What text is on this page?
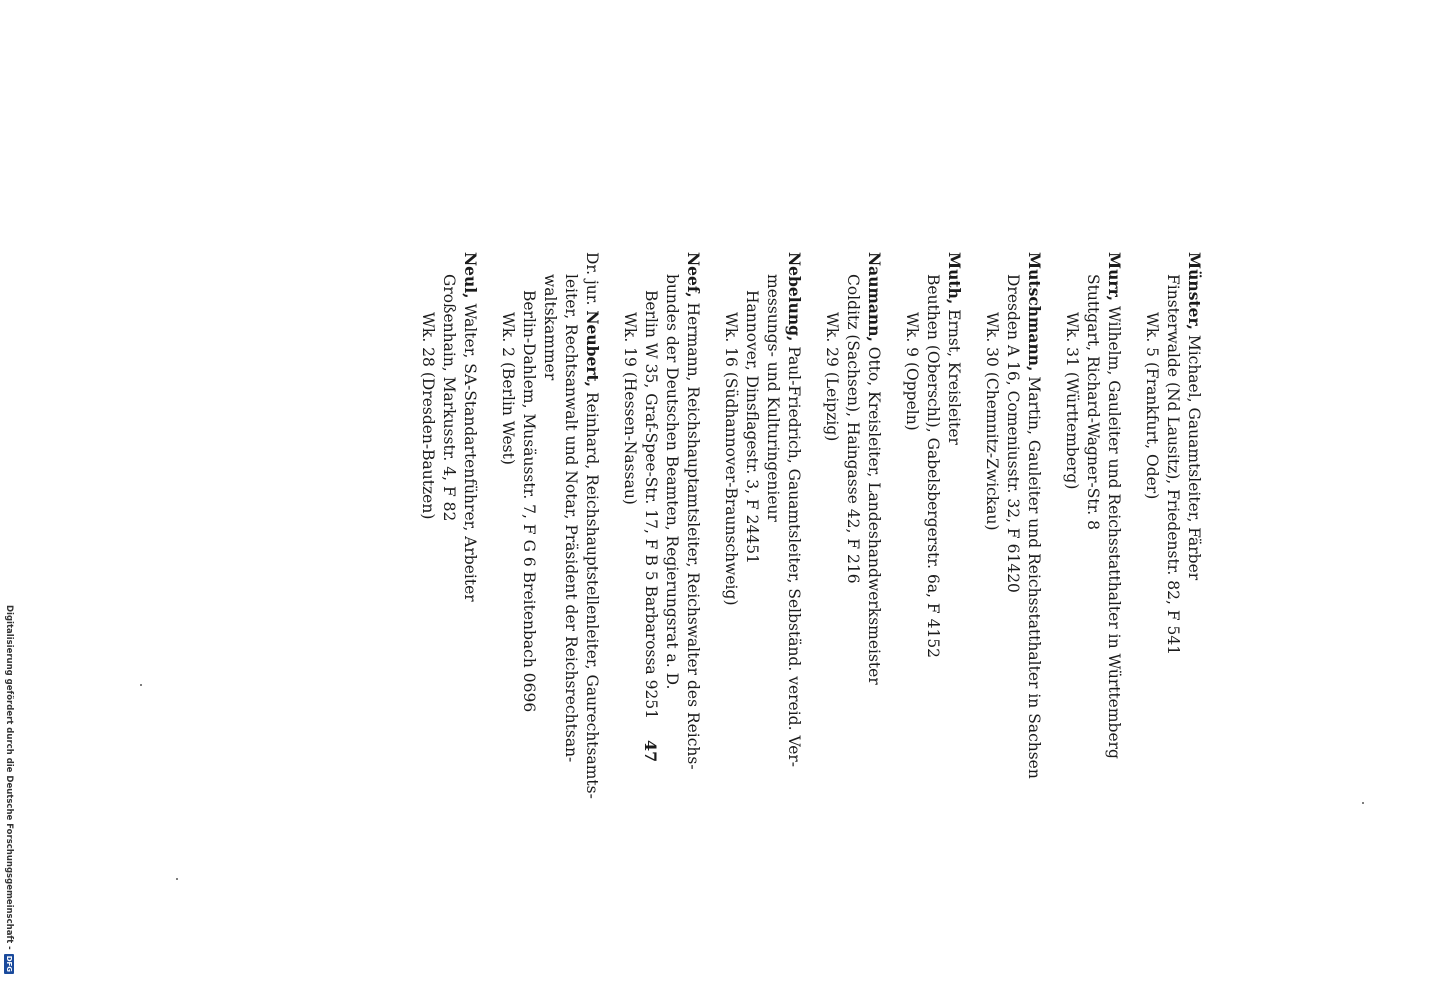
Münster, Michael, Gauamtsleiter, Färber
Finsterwalde (Nd Lausitz), Friedenstr. 82, F 541
Wk. 5 (Frankfurt, Oder)
Murr, Wilhelm, Gauleiter und Reichsstatthalter in Württemberg
Stuttgart, Richard-Wagner-Str. 8
Wk. 31 (Württemberg)
Mutschmann, Martin, Gauleiter und Reichsstatthalter in Sachsen
Dresden A 16, Comeniusstr. 32, F 61420
Wk. 30 (Chemnitz-Zwickau)
Muth, Ernst, Kreisleiter
Beuthen (Oberschl), Gabelsbergerstr. 6a, F 4152
Wk. 9 (Oppeln)
Naumann, Otto, Kreisleiter, Landeshandwerksmeister
Colditz (Sachsen), Haingasse 42, F 216
Wk. 29 (Leipzig)
Nebelung, Paul-Friedrich, Gauamtsleiter, Selbständ. vereid. Ver-
messungs- und Kulturingenieur
Hannover, Dinsflagestr. 3, F 24451
Wk. 16 (Südhannover-Braunschweig)
Neef, Hermann, Reichshauptamtsleiter, Reichswalter des Reichs-
bundes der Deutschen Beamten, Regierungsrat a. D.
Berlin W 35, Graf-Spee-Str. 17, F B 5 Barbarossa 9251
Wk. 19 (Hessen-Nassau)
Dr. jur. Neubert, Reinhard, Reichshauptstellenleiter, Gaurechtsamts-
leiter, Rechtsanwalt und Notar, Präsident der Reichsrechtsan-
waltskammer
Berlin-Dahlem, Musäusstr. 7, F G 6 Breitenbach 0696
Wk. 2 (Berlin West)
Neul, Walter, SA-Standartenführer, Arbeiter
Großenhain, Markusstr. 4, F 82
Wk. 28 (Dresden-Bautzen)
47
Digitalisierung gefördert durch die Deutsche Forschungsgemeinschaft -
DFG
